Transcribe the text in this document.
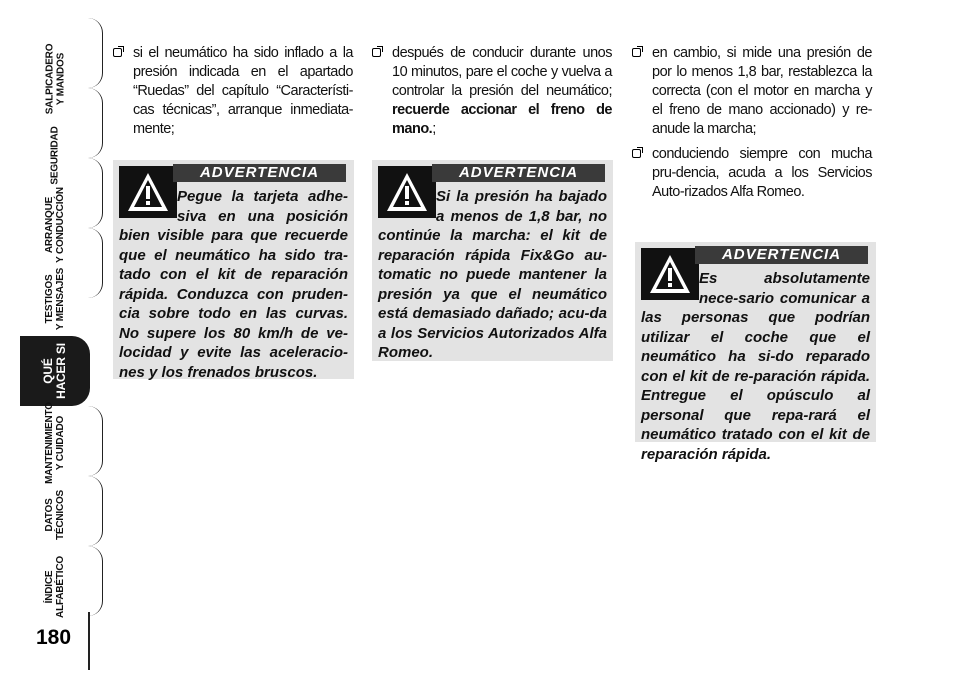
SALPICADERO
Y MANDOS
SEGURIDAD
ARRANQUE
Y CONDUCCIÓN
TESTIGOS
Y MENSAJES
QUÉ
HACER SI
MANTENIMIENTO
Y CUIDADO
DATOS
TÉCNICOS
ÍNDICE
ALFABÉTICO
180
si el neumático ha sido inflado a la presión indicada en el apartado “Ruedas” del capítulo “Característi-cas técnicas”, arranque inmediata-mente;
ADVERTENCIA
Pegue la tarjeta adhe-siva en una posición bien visible para que recuerde que el neumático ha sido tra-tado con el kit de reparación rápida. Conduzca con pruden-cia sobre todo en las curvas. No supere los 80 km/h de ve-locidad y evite las aceleracio-nes y los frenados bruscos.
después de conducir durante unos 10 minutos, pare el coche y vuelva a controlar la presión del neumático; recuerde accionar el freno de mano.;
ADVERTENCIA
Si la presión ha bajado a menos de 1,8 bar, no continúe la marcha: el kit de reparación rápida Fix&Go au-tomatic no puede mantener la presión ya que el neumático está demasiado dañado; acu-da a los Servicios Autorizados Alfa Romeo.
en cambio, si mide una presión de por lo menos 1,8 bar, restablezca la correcta (con el motor en marcha y el freno de mano accionado) y re-anude la marcha;
conduciendo siempre con mucha pru-dencia, acuda a los Servicios Auto-rizados Alfa Romeo.
ADVERTENCIA
Es absolutamente nece-sario comunicar a las personas que podrían utilizar el coche que el neumático ha si-do reparado con el kit de re-paración rápida. Entregue el opúsculo al personal que repa-rará el neumático tratado con el kit de reparación rápida.
